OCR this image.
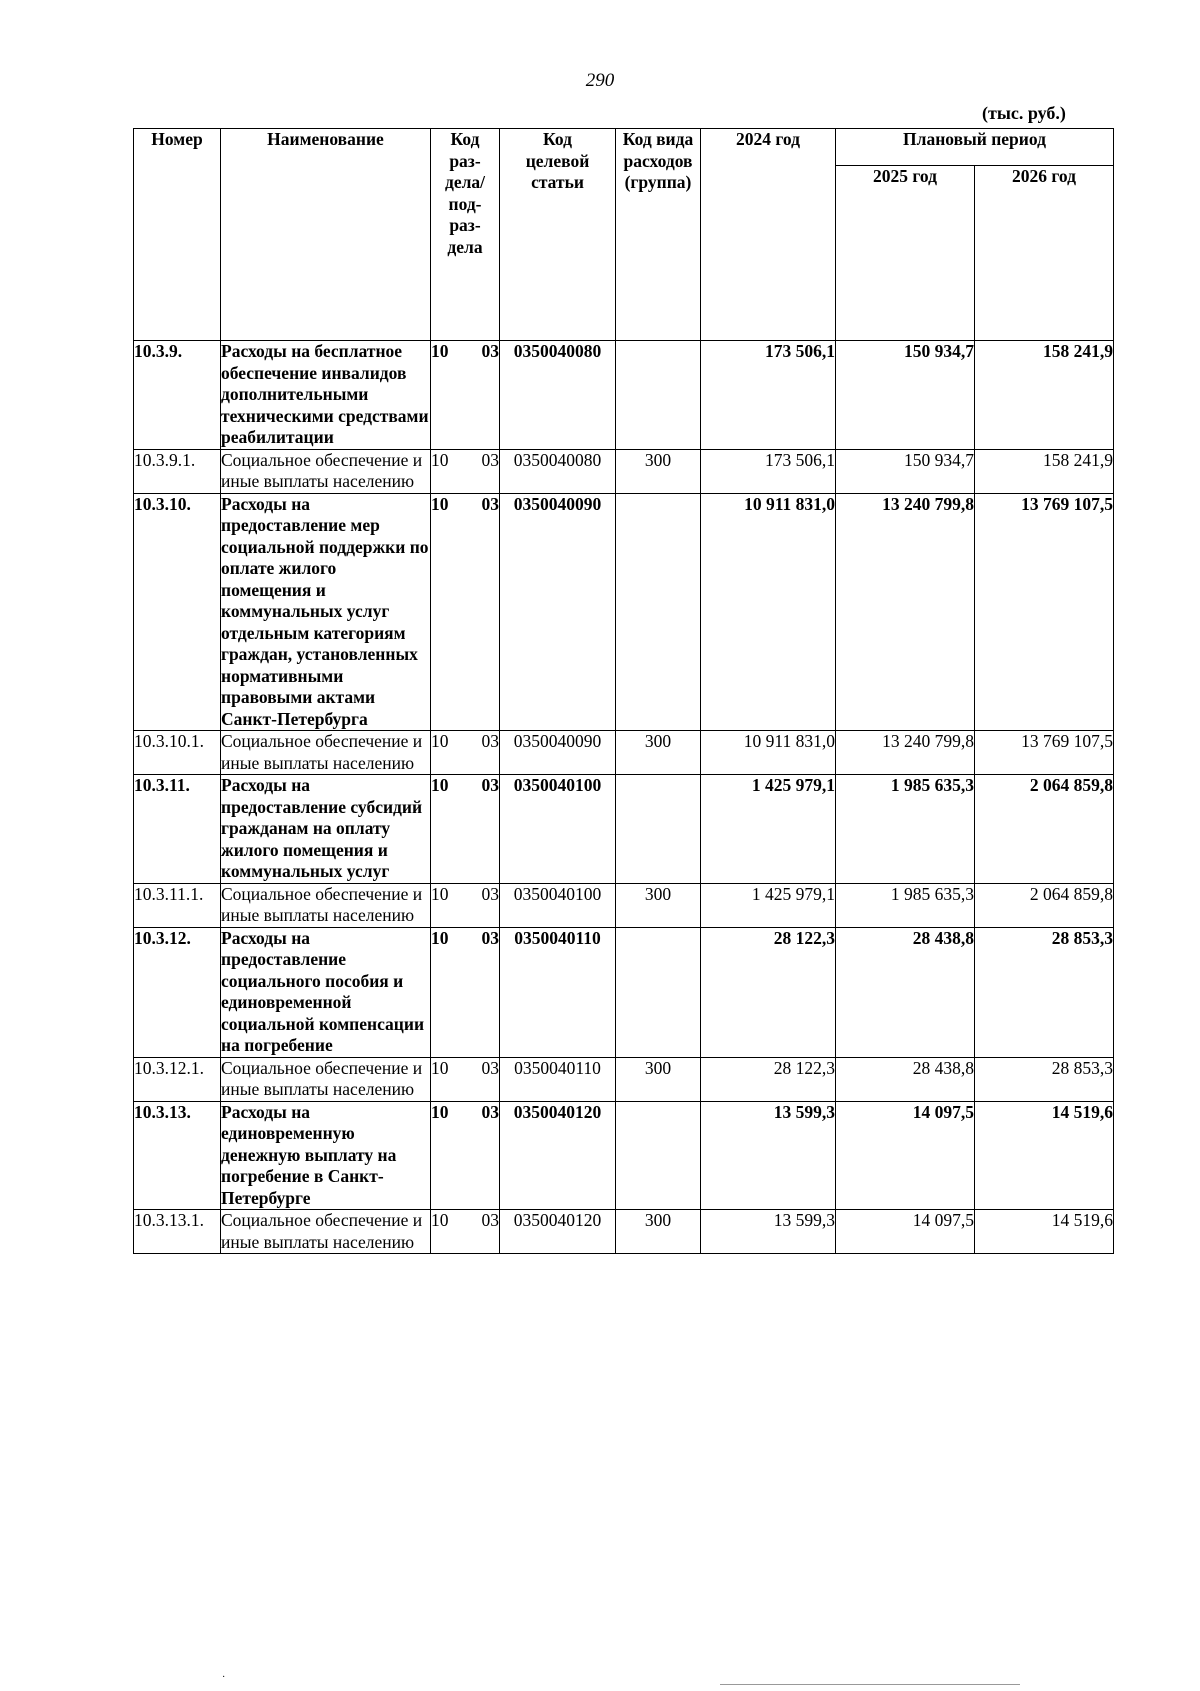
290
(тыс. руб.)
Номер	Наименование	Код раз-дела/ под-раз-дела	Код целевой статьи	Код вида расходов (группа)	2024 год	Плановый период	
						2025 год	2026 год
10.3.9.	Расходы на бесплатное обеспечение инвалидов дополнительными техническими средствами реабилитации	10 03	0350040080		173 506,1	150 934,7	158 241,9
10.3.9.1.	Социальное обеспечение и иные выплаты населению	10 03	0350040080	300	173 506,1	150 934,7	158 241,9
10.3.10.	Расходы на предоставление мер социальной поддержки по оплате жилого помещения и коммунальных услуг отдельным категориям граждан, установленных нормативными правовыми актами Санкт-Петербурга	10 03	0350040090		10 911 831,0	13 240 799,8	13 769 107,5
10.3.10.1.	Социальное обеспечение и иные выплаты населению	10 03	0350040090	300	10 911 831,0	13 240 799,8	13 769 107,5
10.3.11.	Расходы на предоставление субсидий гражданам на оплату жилого помещения и коммунальных услуг	10 03	0350040100		1 425 979,1	1 985 635,3	2 064 859,8
10.3.11.1.	Социальное обеспечение и иные выплаты населению	10 03	0350040100	300	1 425 979,1	1 985 635,3	2 064 859,8
10.3.12.	Расходы на предоставление социального пособия и единовременной социальной компенсации на погребение	10 03	0350040110		28 122,3	28 438,8	28 853,3
10.3.12.1.	Социальное обеспечение и иные выплаты населению	10 03	0350040110	300	28 122,3	28 438,8	28 853,3
10.3.13.	Расходы на единовременную денежную выплату на погребение в Санкт-Петербурге	10 03	0350040120		13 599,3	14 097,5	14 519,6
10.3.13.1.	Социальное обеспечение и иные выплаты населению	10 03	0350040120	300	13 599,3	14 097,5	14 519,6
·
